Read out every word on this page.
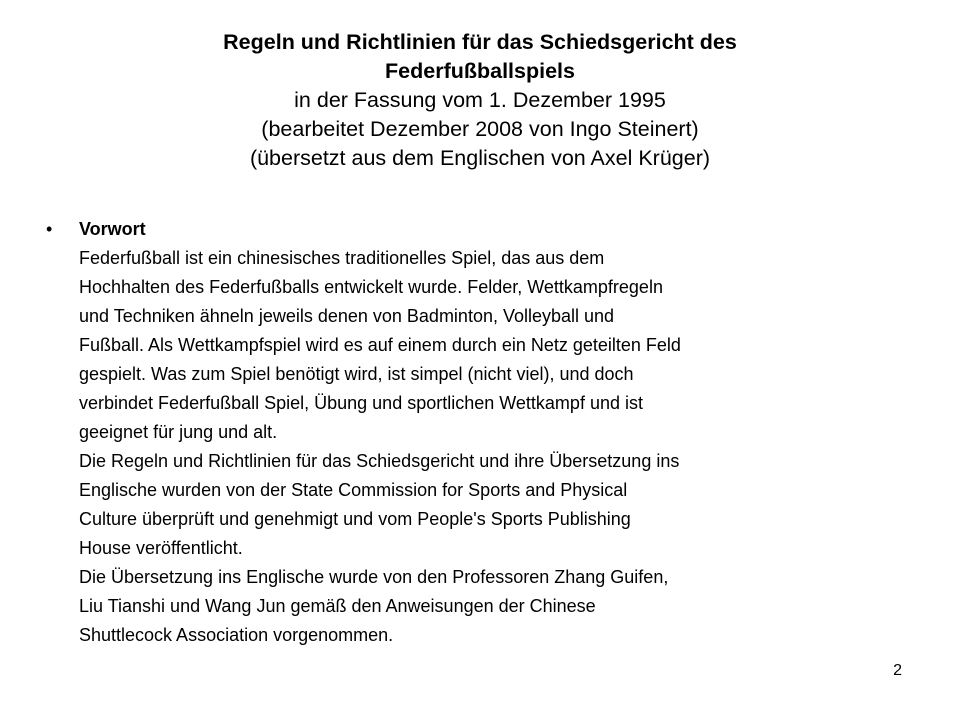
Regeln und Richtlinien für das Schiedsgericht des
Federfußballspiels
in der Fassung vom 1. Dezember 1995
(bearbeitet Dezember 2008 von Ingo Steinert)
(übersetzt aus dem Englischen von Axel Krüger)
• Vorwort
Federfußball ist ein chinesisches traditionelles Spiel, das aus dem
Hochhalten des Federfußballs entwickelt wurde. Felder, Wettkampfregeln
und Techniken ähneln jeweils denen von Badminton, Volleyball und
Fußball. Als Wettkampfspiel wird es auf einem durch ein Netz geteilten Feld
gespielt. Was zum Spiel benötigt wird, ist simpel (nicht viel), und doch
verbindet Federfußball Spiel, Übung und sportlichen Wettkampf und ist
geeignet für jung und alt.
Die Regeln und Richtlinien für das Schiedsgericht und ihre Übersetzung ins
Englische wurden von der State Commission for Sports and Physical
Culture überprüft und genehmigt und vom People's Sports Publishing
House veröffentlicht.
Die Übersetzung ins Englische wurde von den Professoren Zhang Guifen,
Liu Tianshi und Wang Jun gemäß den Anweisungen der Chinese
Shuttlecock Association vorgenommen.
2
